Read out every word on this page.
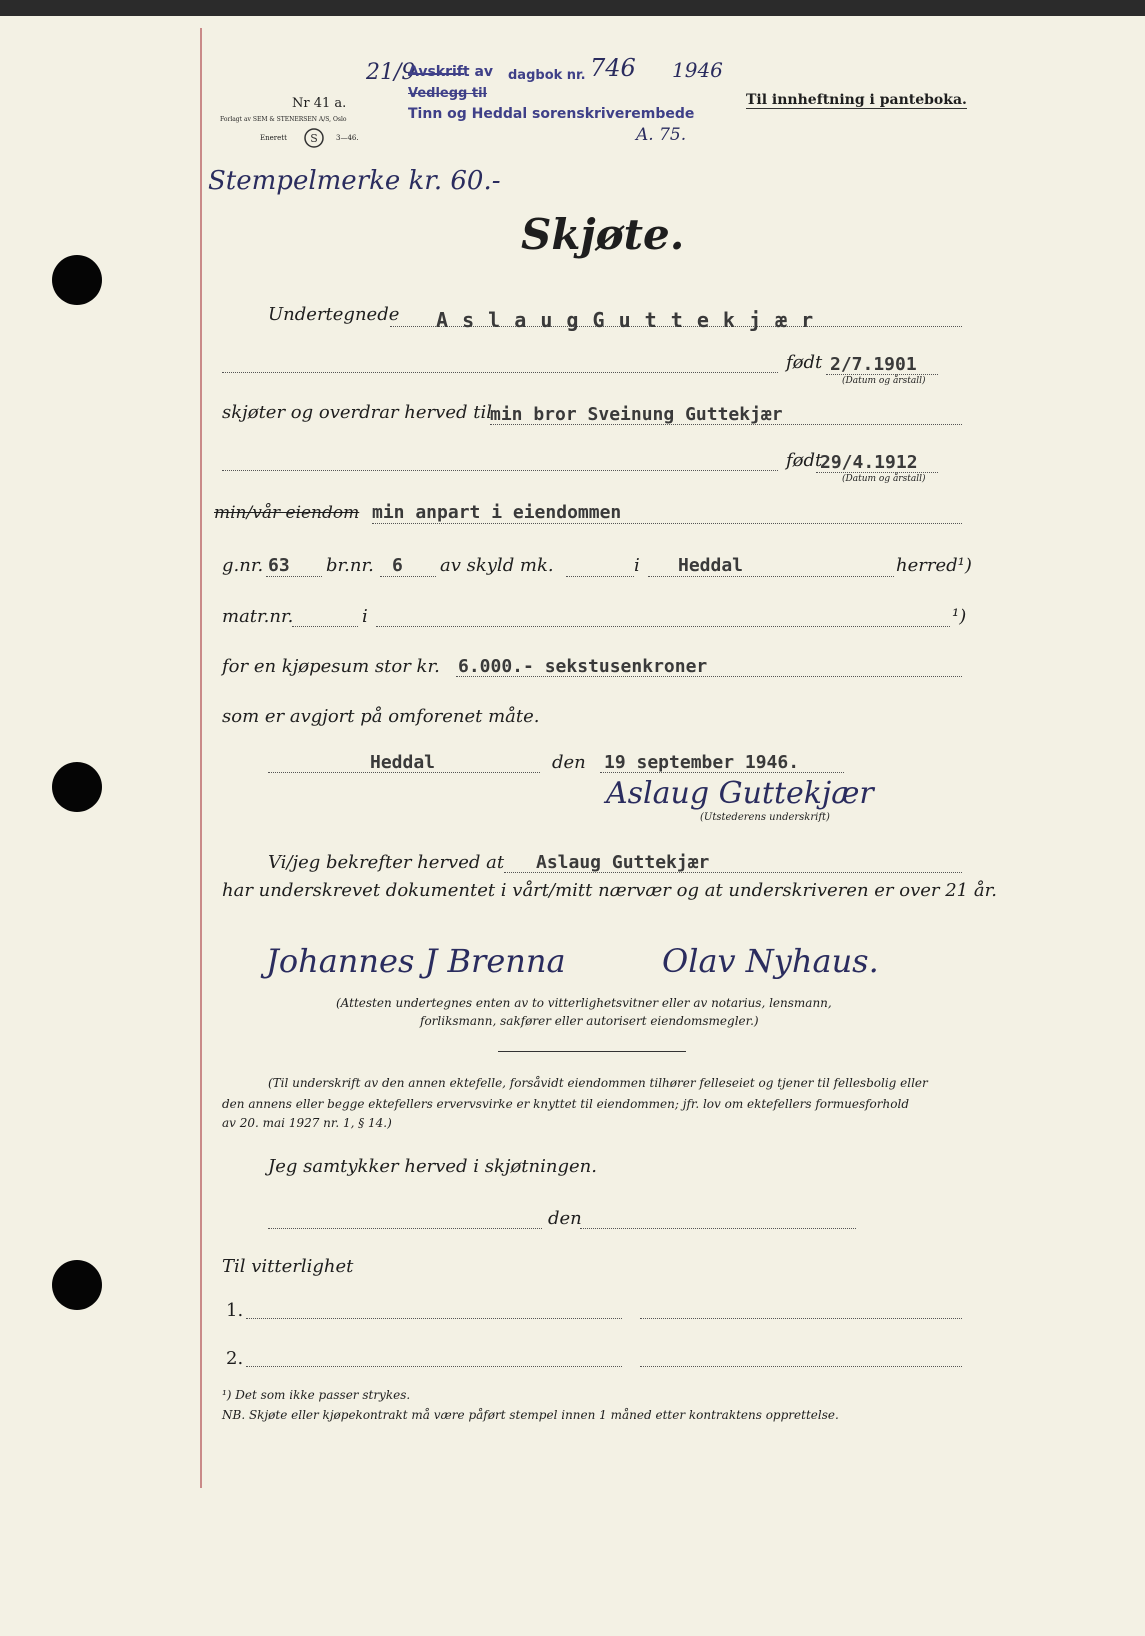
Nr 41 a.
Forlagt av SEM & STENERSEN A/S, Oslo
Enerett S	3—46.
21/9
Avskrift av dagbok nr. 746 1946
Vedlegg til
Tinn og Heddal sorenskriverembede
A. 75.
Til innheftning i panteboka.
Stempelmerke kr. 60.-
Skjøte.
Undertegnede A s l a u g G u t t e k j æ r
født 2/7.1901
(Datum og årstall)
skjøter og overdrar herved til
min bror Sveinung Guttekjær
født
29/4.1912
(Datum og årstall)
min/vår eiendom min anpart i eiendommen
g.nr. 63 br.nr. 6 av skyld mk.	i Heddal	herred¹)
matr.nr.	i	¹)
for en kjøpesum stor kr. 6.000.- sekstusenkroner
som er avgjort på omforenet måte.
Heddal	den 19 september 1946.
Aslaug Guttekjær
(Utstederens underskrift)
Vi/jeg bekrefter herved at Aslaug Guttekjær
har underskrevet dokumentet i vårt/mitt nærvær og at underskriveren er over 21 år.
Johannes J Brenna	Olav Nyhaus.
(Attesten undertegnes enten av to vitterlighetsvitner eller av notarius, lensmann,
forliksmann, sakfører eller autorisert eiendomsmegler.)
(Til underskrift av den annen ektefelle, forsåvidt eiendommen tilhører felleseiet og tjener til fellesbolig eller
den annens eller begge ektefellers ervervsvirke er knyttet til eiendommen; jfr. lov om ektefellers formuesforhold
av 20. mai 1927 nr. 1, § 14.)
Jeg samtykker herved i skjøtningen.
den
Til vitterlighet
1.
2.
¹) Det som ikke passer strykes.
NB. Skjøte eller kjøpekontrakt må være påført stempel innen 1 måned etter kontraktens opprettelse.
